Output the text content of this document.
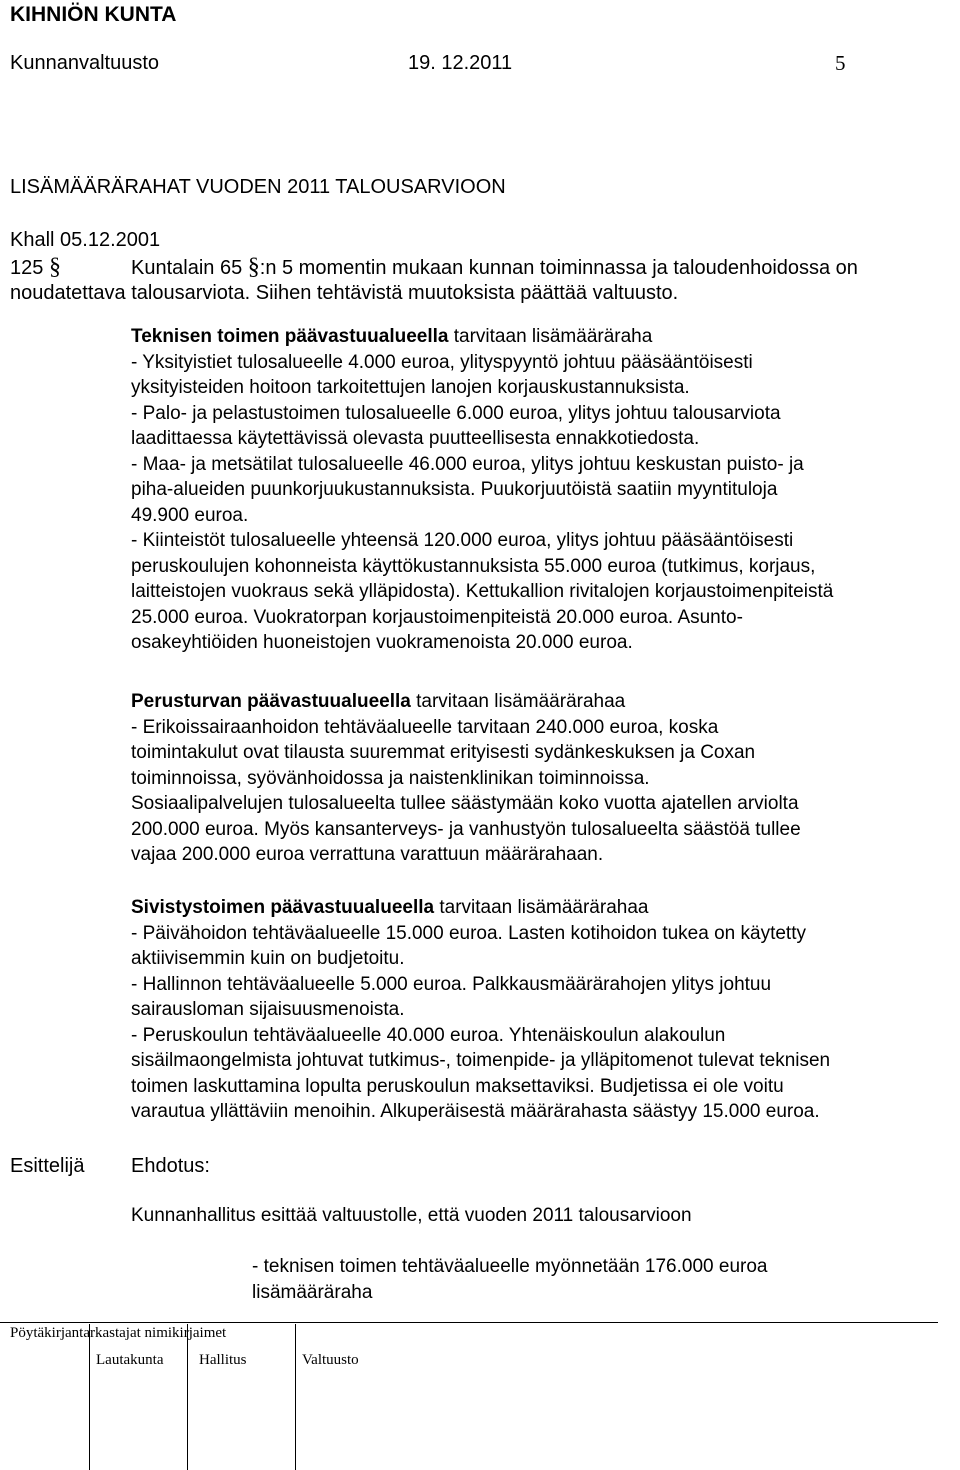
KIHNIÖN KUNTA
Kunnanvaltuusto	19. 12.2011	5
LISÄMÄÄRÄRAHAT VUODEN 2011 TALOUSARVIOON
Khall 05.12.2001
125 §	Kuntalain 65 §:n 5 momentin mukaan kunnan toiminnassa ja taloudenhoidossa on
noudatettava talousarviota. Siihen tehtävistä muutoksista päättää valtuusto.
Teknisen toimen päävastuualueella tarvitaan lisämääräraha
- Yksityistiet tulosalueelle 4.000 euroa, ylityspyyntö johtuu pääsääntöisesti
yksityisteiden hoitoon tarkoitettujen lanojen korjauskustannuksista.
- Palo- ja pelastustoimen tulosalueelle 6.000 euroa, ylitys johtuu talousarviota
laadittaessa käytettävissä olevasta puutteellisesta ennakkotiedosta.
- Maa- ja metsätilat tulosalueelle 46.000 euroa, ylitys johtuu keskustan puisto- ja
piha-alueiden puunkorjuukustannuksista. Puukorjuutöistä saatiin myyntituloja
49.900 euroa.
- Kiinteistöt tulosalueelle yhteensä 120.000 euroa, ylitys johtuu pääsääntöisesti
peruskoulujen kohonneista käyttökustannuksista 55.000 euroa (tutkimus, korjaus,
laitteistojen vuokraus sekä ylläpidosta). Kettukallion rivitalojen korjaustoimenpiteistä
25.000 euroa. Vuokratorpan korjaustoimenpiteistä 20.000 euroa. Asunto-
osakeyhtiöiden huoneistojen vuokramenoista 20.000 euroa.
Perusturvan päävastuualueella tarvitaan lisämäärärahaa
- Erikoissairaanhoidon tehtäväalueelle tarvitaan 240.000 euroa, koska
toimintakulut ovat tilausta suuremmat erityisesti sydänkeskuksen ja Coxan
toiminnoissa, syövänhoidossa ja naistenklinikan toiminnoissa.
Sosiaalipalvelujen tulosalueelta tullee säästymään koko vuotta ajatellen arviolta
200.000 euroa. Myös kansanterveys- ja vanhustyön tulosalueelta säästöä tullee
vajaa 200.000 euroa verrattuna varattuun määrärahaan.
Sivistystoimen päävastuualueella tarvitaan lisämäärärahaa
- Päivähoidon tehtäväalueelle 15.000 euroa. Lasten kotihoidon tukea on käytetty
aktiivisemmin kuin on budjetoitu.
- Hallinnon tehtäväalueelle 5.000 euroa. Palkkausmäärärahojen ylitys johtuu
sairausloman sijaisuusmenoista.
- Peruskoulun tehtäväalueelle 40.000 euroa. Yhtenäiskoulun alakoulun
sisäilmaongelmista johtuvat tutkimus-, toimenpide- ja ylläpitomenot tulevat teknisen
toimen laskuttamina lopulta peruskoulun maksettaviksi. Budjetissa ei ole voitu
varautua yllättäviin menoihin. Alkuperäisestä määrärahasta säästyy 15.000 euroa.
Esittelijä Ehdotus:
Kunnanhallitus esittää valtuustolle, että vuoden 2011 talousarvioon
- teknisen toimen tehtäväalueelle myönnetään 176.000 euroa
lisämääräraha
Pöytäkirjantarkastajat nimikirjaimet
Lautakunta Hallitus	Valtuusto
